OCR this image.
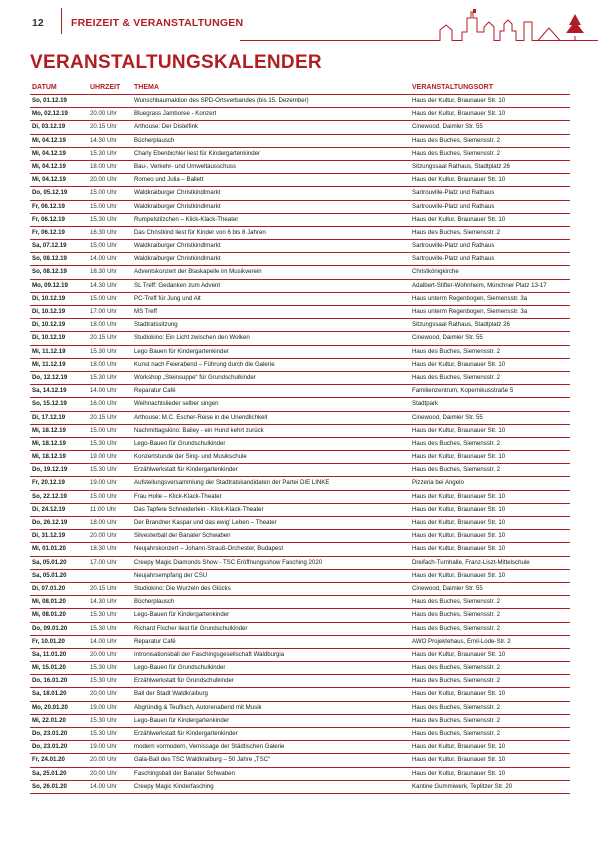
12	FREIZEIT & VERANSTALTUNGEN
VERANSTALTUNGSKALENDER
DATUM	UHRZEIT	THEMA	VERANSTALTUNGSORT
So, 01.12.19		Wunschbaumaktion des SPD-Ortsverbandes (bis 15. Dezember)	Haus der Kultur, Braunauer Str. 10
Mo, 02.12.19	20.00 Uhr	Bluegrass Jamboree - Konzert	Haus der Kultur, Braunauer Str. 10
Di, 03.12.19	20.15 Uhr	Arthouse: Der Distelfink	Cinewood, Daimler Str. 55
Mi, 04.12.19	14.30 Uhr	Bücherplausch	Haus des Buches, Siemensstr. 2
Mi, 04.12.19	15.30 Uhr	Charly Ebenbichler liest für Kindergartenkinder	Haus des Buches, Siemensstr. 2
Mi, 04.12.19	18.00 Uhr	Bau-, Verkehr- und Umweltausschuss	Sitzungssaal Rathaus, Stadtplatz 26
Mi, 04.12.19	20.00 Uhr	Romeo und Julia – Ballett	Haus der Kultur, Braunauer Str. 10
Do, 05.12.19	15.00 Uhr	Waldkraiburger Christkindlmarkt	Sartrouville-Platz und Rathaus
Fr, 06.12.19	15.00 Uhr	Waldkraiburger Christkindlmarkt	Sartrouville-Platz und Rathaus
Fr, 06.12.19	15.30 Uhr	Rumpelstilzchen – Klick-Klack-Theater	Haus der Kultur, Braunauer Str. 10
Fr, 06.12.19	16.30 Uhr	Das Christkind liest für Kinder von 6 bis 8 Jahren	Haus des Buches, Siemensstr. 2
Sa, 07.12.19	15.00 Uhr	Waldkraiburger Christkindlmarkt	Sartrouville-Platz und Rathaus
So, 08.12.19	14.00 Uhr	Waldkraiburger Christkindlmarkt	Sartrouville-Platz und Rathaus
So, 08.12.19	18.30 Uhr	Adventskonzert der Blaskapelle im Musikverein	Christkönigkirche
Mo, 09.12.19	14.30 Uhr	SL Treff: Gedanken zum Advent	Adalbert-Stifter-Wohnheim, Münchner Platz 13-17
Di, 10.12.19	15.00 Uhr	PC-Treff für Jung und Alt	Haus unterm Regenbogen, Siemensstr. 3a
Di, 10.12.19	17.00 Uhr	MS Treff	Haus unterm Regenbogen, Siemensstr. 3a
Di, 10.12.19	18.00 Uhr	Stadtratssitzung	Sitzungssaal Rathaus, Stadtplatz 26
Di, 10.12.19	20.15 Uhr	Studiokino: Ein Licht zwischen den Wolken	Cinewood, Daimler Str. 55
Mi, 11.12.19	15.30 Uhr	Lego Bauen für Kindergartenkinder	Haus des Buches, Siemensstr. 2
Mi, 11.12.19	18.00 Uhr	Kunst nach Feierabend – Führung durch die Galerie	Haus der Kultur, Braunauer Str. 10
Do, 12.12.19	15.30 Uhr	Workshop „Steinsuppe“ für Grundschulkinder	Haus des Buches, Siemensstr. 2
Sa, 14.12.19	14.00 Uhr	Reparatur Café	Familienzentrum, Kopernikusstraße 5
So, 15.12.19	16.00 Uhr	Weihnachtslieder selber singen	Stadtpark
Di, 17.12.19	20.15 Uhr	Arthouse: M.C. Escher-Reise in die Unendlichkeit	Cinewood, Daimler Str. 55
Mi, 18.12.19	15.00 Uhr	Nachmittagskino: Bailey - ein Hund kehrt zurück	Haus der Kultur, Braunauer Str. 10
Mi, 18.12.19	15.30 Uhr	Lego-Bauen für Grundschulkinder	Haus des Buches, Siemensstr. 2
Mi, 18.12.19	19.00 Uhr	Konzertstunde der Sing- und Musikschule	Haus der Kultur, Braunauer Str. 10
Do, 19.12.19	15.30 Uhr	Erzählwerkstatt für Kindergartenkinder	Haus des Buches, Siemensstr. 2
Fr, 20.12.19	19.00 Uhr	Aufstellungsversammlung der Stadtratskandidaten der Partei DIE LINKE	Pizzeria bei Angelo
So, 22.12.19	15.00 Uhr	Frau Holle – Klick-Klack-Theater	Haus der Kultur, Braunauer Str. 10
Di, 24.12.19	11.00 Uhr	Das Tapfere Schneiderlein - Klick-Klack-Theater	Haus der Kultur, Braunauer Str. 10
Do, 26.12.19	18.00 Uhr	Der Brandner Kaspar und das ewig' Leben – Theater	Haus der Kultur, Braunauer Str. 10
Di, 31.12.19	20.00 Uhr	Silvesterball der Banater Schwaben	Haus der Kultur, Braunauer Str. 10
Mi, 01.01.20	18.30 Uhr	Neujahrskonzert – Johann-Strauß-Orchester, Budapest	Haus der Kultur, Braunauer Str. 10
Sa, 05.01.20	17.00 Uhr	Creepy Magic Diamonds Show - TSC Eröffnungsshow Fasching 2020	Dreifach-Turnhalle, Franz-Liszt-Mittelschule
Sa, 05.01.20		Neujahrsempfang der CSU	Haus der Kultur, Braunauer Str. 10
Di, 07.01.20	20.15 Uhr	Studiokino: Die Wurzeln des Glücks	Cinewood, Daimler Str. 55
Mi, 08.01.20	14.30 Uhr	Bücherplausch	Haus des Buches, Siemensstr. 2
Mi, 08.01.20	15.30 Uhr	Lego-Bauen für Kindergartenkinder	Haus des Buches, Siemensstr. 2
Do, 09.01.20	15.30 Uhr	Richard Fischer liest für Grundschulkinder	Haus des Buches, Siemensstr. 2
Fr, 10.01.20	14.00 Uhr	Reparatur Café	AWO Projektehaus, Emil-Lode-Str. 2
Sa, 11.01.20	20.00 Uhr	Intronisationsball der Faschingsgesellschaft Waldburgia	Haus der Kultur, Braunauer Str. 10
Mi, 15.01.20	15.30 Uhr	Lego-Bauen für Grundschulkinder	Haus des Buches, Siemensstr. 2
Do, 16.01.20	15.30 Uhr	Erzählwerkstatt für Grundschulkinder	Haus des Buches, Siemensstr. 2
Sa, 18.01.20	20.00 Uhr	Ball der Stadt Waldkraiburg	Haus der Kultur, Braunauer Str. 10
Mo, 20.01.20	19.00 Uhr	Abgründig & Teuflisch, Autorenabend mit Musik	Haus des Buches, Siemensstr. 2
Mi, 22.01.20	15.30 Uhr	Lego-Bauen für Kindergartenkinder	Haus des Buches, Siemensstr. 2
Do, 23.01.20	15.30 Uhr	Erzählwerkstatt für Kindergartenkinder	Haus des Buches, Siemensstr. 2
Do, 23.01.20	19.00 Uhr	modern vormodern, Vernissage der Städtischen Galerie	Haus der Kultur, Braunauer Str. 10
Fr, 24.01.20	20.00 Uhr	Gala-Ball des TSC Waldkraiburg – 50 Jahre „TSC“	Haus der Kultur, Braunauer Str. 10
Sa, 25.01.20	20.00 Uhr	Faschingsball der Banater Schwaben	Haus der Kultur, Braunauer Str. 10
So, 26.01.20	14.00 Uhr	Creepy Magic Kinderfasching	Kantine Gummiwerk, Teplitzer Str. 20
